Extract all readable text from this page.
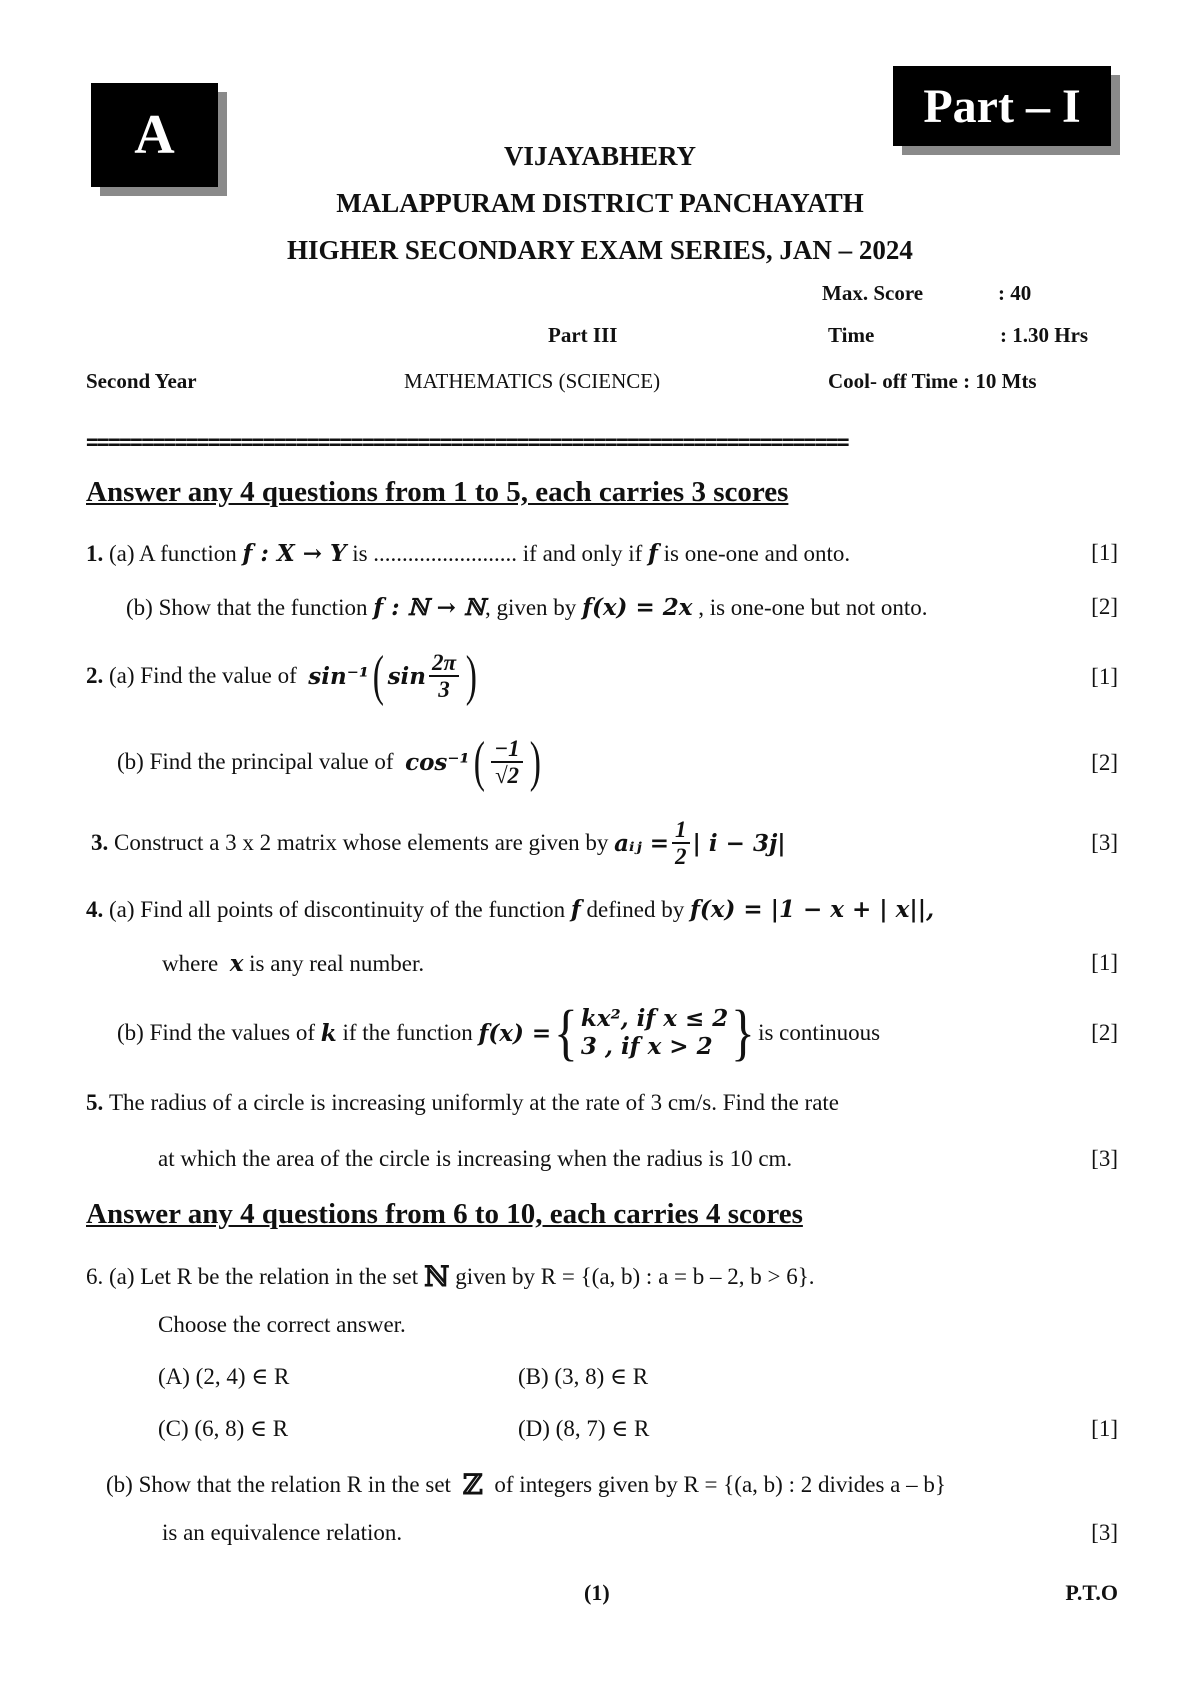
A	Part – I
VIJAYABHERY
MALAPPURAM DISTRICT PANCHAYATH
HIGHER SECONDARY EXAM SERIES, JAN – 2024
Max. Score	: 40
Part III	Time	: 1.30 Hrs
Second Year	MATHEMATICS (SCIENCE)	Cool- off Time : 10 Mts
=====================================================================
Answer any 4 questions from 1 to 5, each carries 3 scores
1.
(a) A function
f : X → Y
is ......................... if and only if
f
is one-one and onto.	[1]
(b) Show that the function
f : ℕ → ℕ , given by
f(x) = 2x
, is one-one but not onto.	[2]
2.
(a) Find the value of
sin⁻¹ ( $\sin \frac{2\pi}{3}$ )	[1]
(b) Find the principal value of
cos⁻¹ ( $\frac{-1}{√2}$ )	[2]
3.
Construct a 3 x 2 matrix whose elements are given by
aᵢⱼ = $\frac{1}{2}$ | i − 3j|	[3]
4.
(a) Find all points of discontinuity of the function
f
defined by
f(x) = |1 − x + | x||,
where
x
is any real number.	[1]
(b) Find the values of
k
if the function
f(x) = { kx², if x ≤ 2
3 , if x > 2 } is continuous	[2]
5.
The radius of a circle is increasing uniformly at the rate of 3 cm/s. Find the rate
at which the area of the circle is increasing when the radius is 10 cm.	[3]
Answer any 4 questions from 6 to 10, each carries 4 scores
6.
(a) Let R be the relation in the set
ℕ
given by R = {(a, b) : a = b – 2, b > 6}.
Choose the correct answer.
(A) (2, 4) ∈ R	(B) (3, 8) ∈ R
(C) (6, 8) ∈ R	(D) (8, 7) ∈ R	[1]
(b) Show that the relation R in the set
ℤ
of integers given by R = {(a, b) : 2 divides a – b}
is an equivalence relation.	[3]
(1)	P.T.O
